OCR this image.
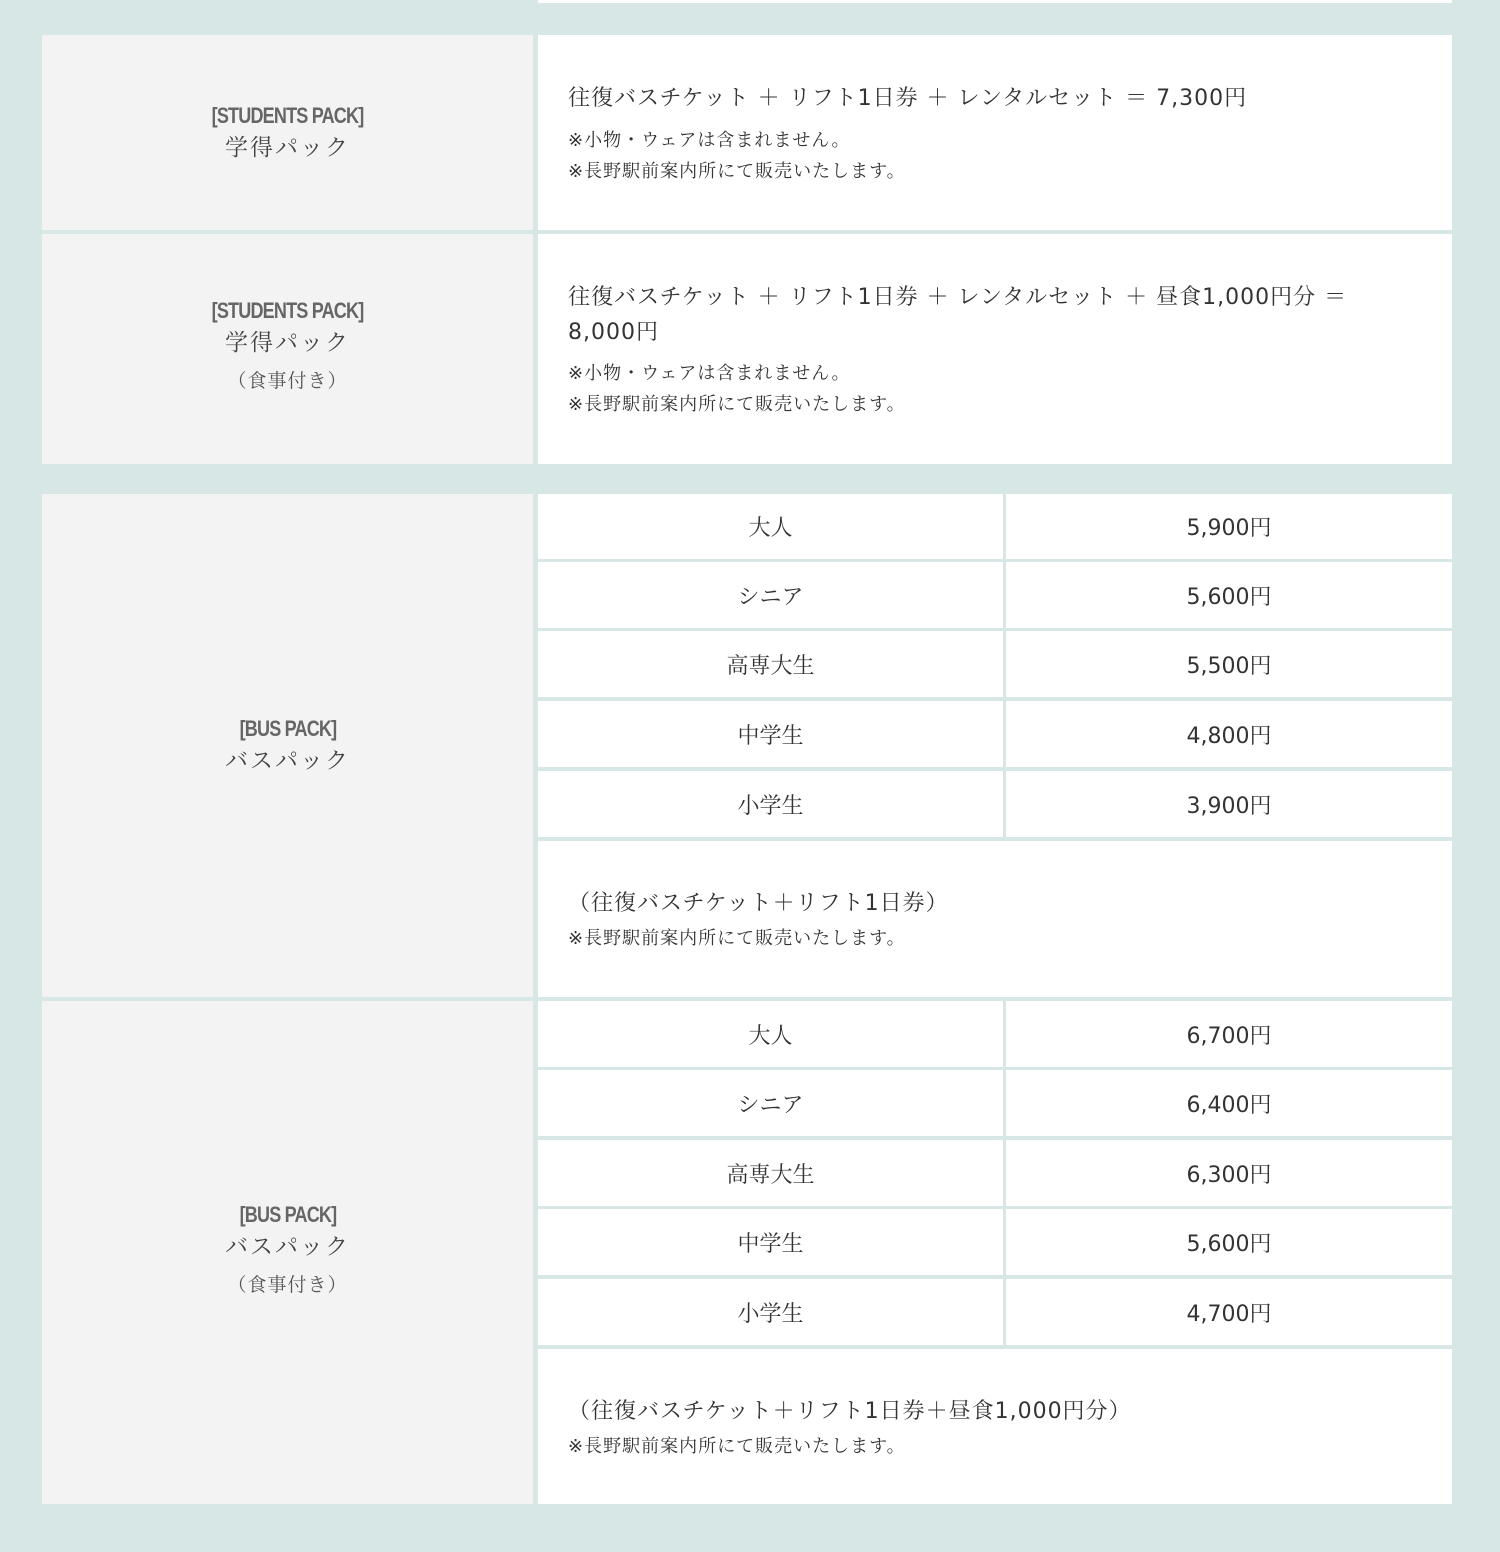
[STUDENTS PACK]
学得パック
往復バスチケット ＋ リフト1日券 ＋ レンタルセット ＝ 7,300円
※小物・ウェアは含まれません。
※長野駅前案内所にて販売いたします。
[STUDENTS PACK]
学得パック
（食事付き）
往復バスチケット ＋ リフト1日券 ＋ レンタルセット ＋ 昼食1,000円分 ＝ 8,000円
※小物・ウェアは含まれません。
※長野駅前案内所にて販売いたします。
[BUS PACK]
バスパック
大人	5,900円
シニア	5,600円
高専大生	5,500円
中学生	4,800円
小学生	3,900円
（往復バスチケット＋リフト1日券）
※長野駅前案内所にて販売いたします。
[BUS PACK]
バスパック
（食事付き）
大人	6,700円
シニア	6,400円
高専大生	6,300円
中学生	5,600円
小学生	4,700円
（往復バスチケット＋リフト1日券＋昼食1,000円分）
※長野駅前案内所にて販売いたします。
